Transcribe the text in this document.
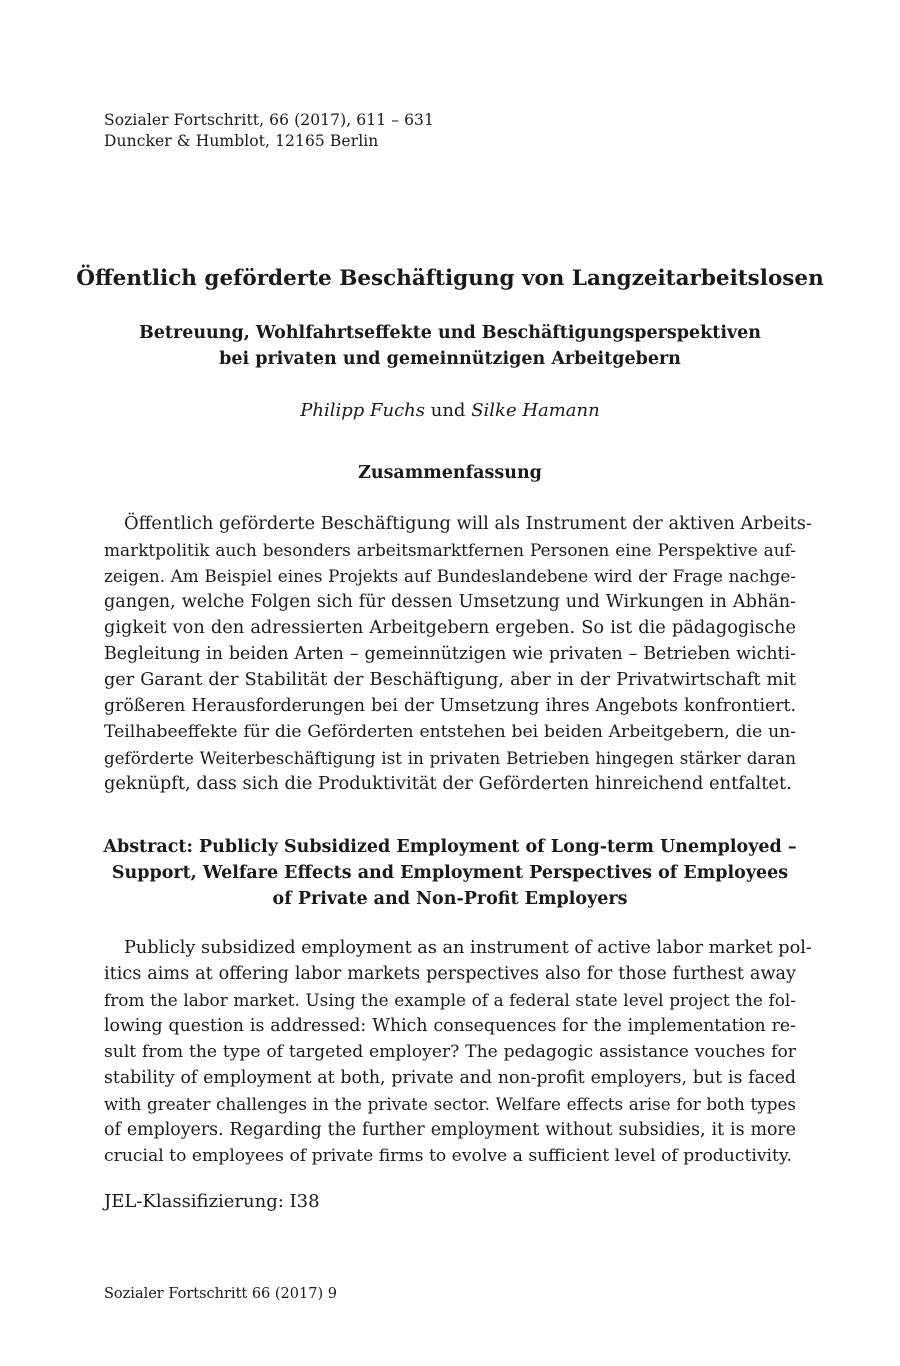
Sozialer Fortschritt, 66 (2017), 611 – 631
Duncker & Humblot, 12165 Berlin
Öffentlich geförderte Beschäftigung von Langzeitarbeitslosen
Betreuung, Wohlfahrtseffekte und Beschäftigungsperspektiven
bei privaten und gemeinnützigen Arbeitgebern
Philipp Fuchs und Silke Hamann
Zusammenfassung
Öffentlich geförderte Beschäftigung will als Instrument der aktiven Arbeits-
marktpolitik auch besonders arbeitsmarktfernen Personen eine Perspektive auf-
zeigen. Am Beispiel eines Projekts auf Bundeslandebene wird der Frage nachge-
gangen, welche Folgen sich für dessen Umsetzung und Wirkungen in Abhän-
gigkeit von den adressierten Arbeitgebern ergeben. So ist die pädagogische
Begleitung in beiden Arten – gemeinnützigen wie privaten – Betrieben wichti-
ger Garant der Stabilität der Beschäftigung, aber in der Privatwirtschaft mit
größeren Herausforderungen bei der Umsetzung ihres Angebots konfrontiert.
Teilhabeeffekte für die Geförderten entstehen bei beiden Arbeitgebern, die un-
geförderte Weiterbeschäftigung ist in privaten Betrieben hingegen stärker daran
geknüpft, dass sich die Produktivität der Geförderten hinreichend entfaltet.
Abstract: Publicly Subsidized Employment of Long-term Unemployed –
Support, Welfare Effects and Employment Perspectives of Employees
of Private and Non-Profit Employers
Publicly subsidized employment as an instrument of active labor market pol-
itics aims at offering labor markets perspectives also for those furthest away
from the labor market. Using the example of a federal state level project the fol-
lowing question is addressed: Which consequences for the implementation re-
sult from the type of targeted employer? The pedagogic assistance vouches for
stability of employment at both, private and non-profit employers, but is faced
with greater challenges in the private sector. Welfare effects arise for both types
of employers. Regarding the further employment without subsidies, it is more
crucial to employees of private firms to evolve a sufficient level of productivity.
JEL-Klassifizierung: I38
Sozialer Fortschritt 66 (2017) 9
